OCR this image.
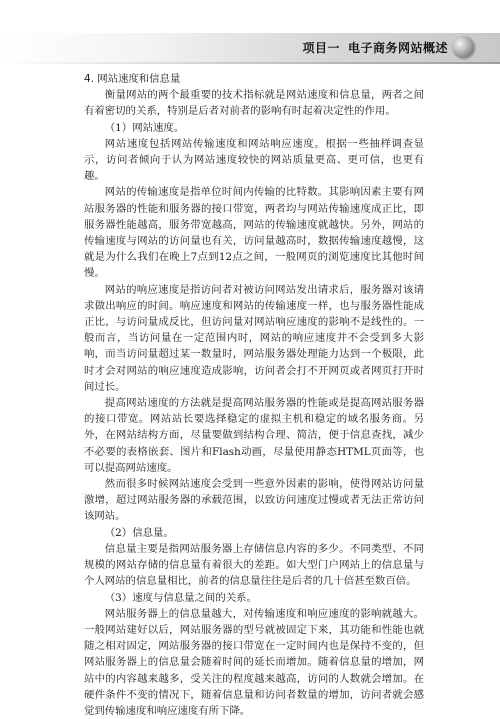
项目一 电子商务网站概述

4. 网站速度和信息量

衡量网站的两个最重要的技术指标就是网站速度和信息量，两者之间有着密切的关系，特别是后者对前者的影响有时起着决定性的作用。

（1）网站速度。

网站速度包括网站传输速度和网站响应速度。根据一些抽样调查显示，访问者倾向于认为网站速度较快的网站质量更高、更可信，也更有趣。

网站的传输速度是指单位时间内传输的比特数。其影响因素主要有网站服务器的性能和服务器的接口带宽，两者均与网站传输速度成正比，即服务器性能越高，服务带宽越高，网站的传输速度就越快。另外，网站的传输速度与网站的访问量也有关，访问量越高时，数据传输速度越慢，这就是为什么我们在晚上7点到12点之间，一般网页的浏览速度比其他时间慢。

网站的响应速度是指访问者对被访问网站发出请求后，服务器对该请求做出响应的时间。响应速度和网站的传输速度一样，也与服务器性能成正比，与访问量成反比，但访问量对网站响应速度的影响不是线性的。一般而言，当访问量在一定范围内时，网站的响应速度并不会受到多大影响，而当访问量超过某一数量时，网站服务器处理能力达到一个极限，此时才会对网站的响应速度造成影响，访问者会打不开网页或者网页打开时间过长。

提高网站速度的方法就是提高网站服务器的性能或是提高网站服务器的接口带宽。网站站长要选择稳定的虚拟主机和稳定的域名服务商。另外，在网站结构方面，尽量要做到结构合理、简洁，便于信息查找，减少不必要的表格嵌套、图片和Flash动画，尽量使用静态HTML页面等，也可以提高网站速度。

然而很多时候网站速度会受到一些意外因素的影响，使得网站访问量激增，超过网站服务器的承载范围，以致访问速度过慢或者无法正常访问该网站。

（2）信息量。

信息量主要是指网站服务器上存储信息内容的多少。不同类型、不同规模的网站存储的信息量有着很大的差距。如大型门户网站上的信息量与个人网站的信息量相比，前者的信息量往往是后者的几十倍甚至数百倍。

（3）速度与信息量之间的关系。

网站服务器上的信息量越大，对传输速度和响应速度的影响就越大。一般网站建好以后，网站服务器的型号就被固定下来，其功能和性能也就随之相对固定，网站服务器的接口带宽在一定时间内也是保持不变的，但网站服务器上的信息量会随着时间的延长而增加。随着信息量的增加，网站中的内容越来越多，受关注的程度越来越高，访问的人数就会增加。在硬件条件不变的情况下，随着信息量和访问者数量的增加，访问者就会感觉到传输速度和响应速度有所下降。
